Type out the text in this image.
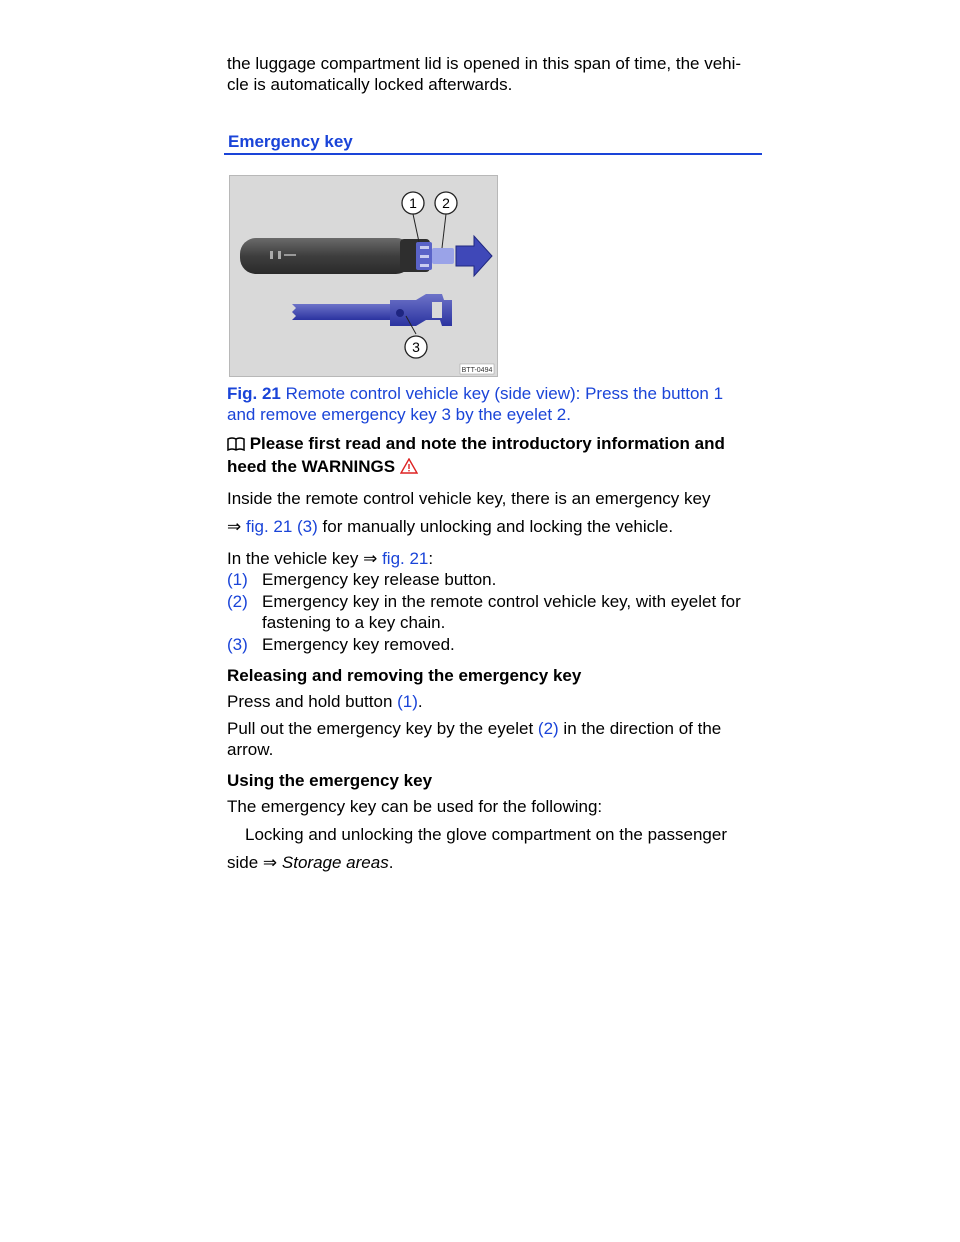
the luggage compartment lid is opened in this span of time, the vehi-

cle is automatically locked afterwards.

Emergency key
1 2
3
BTT-0494

Fig. 21 Remote control vehicle key (side view): Press the button 1

and remove emergency key 3 by the eyelet 2.

Please first read and note the introductory information and

heed the WARNINGS

Inside the remote control vehicle key, there is an emergency key

⇒ fig. 21 (3) for manually unlocking and locking the vehicle.

In the vehicle key ⇒ fig. 21:

(1) Emergency key release button.
(2) Emergency key in the remote control vehicle key, with eyelet for fastening to a key chain.
(3) Emergency key removed.

Releasing and removing the emergency key

Press and hold button (1).

Pull out the emergency key by the eyelet (2) in the direction of the arrow.

Using the emergency key

The emergency key can be used for the following:

Locking and unlocking the glove compartment on the passenger

side ⇒ Storage areas.
